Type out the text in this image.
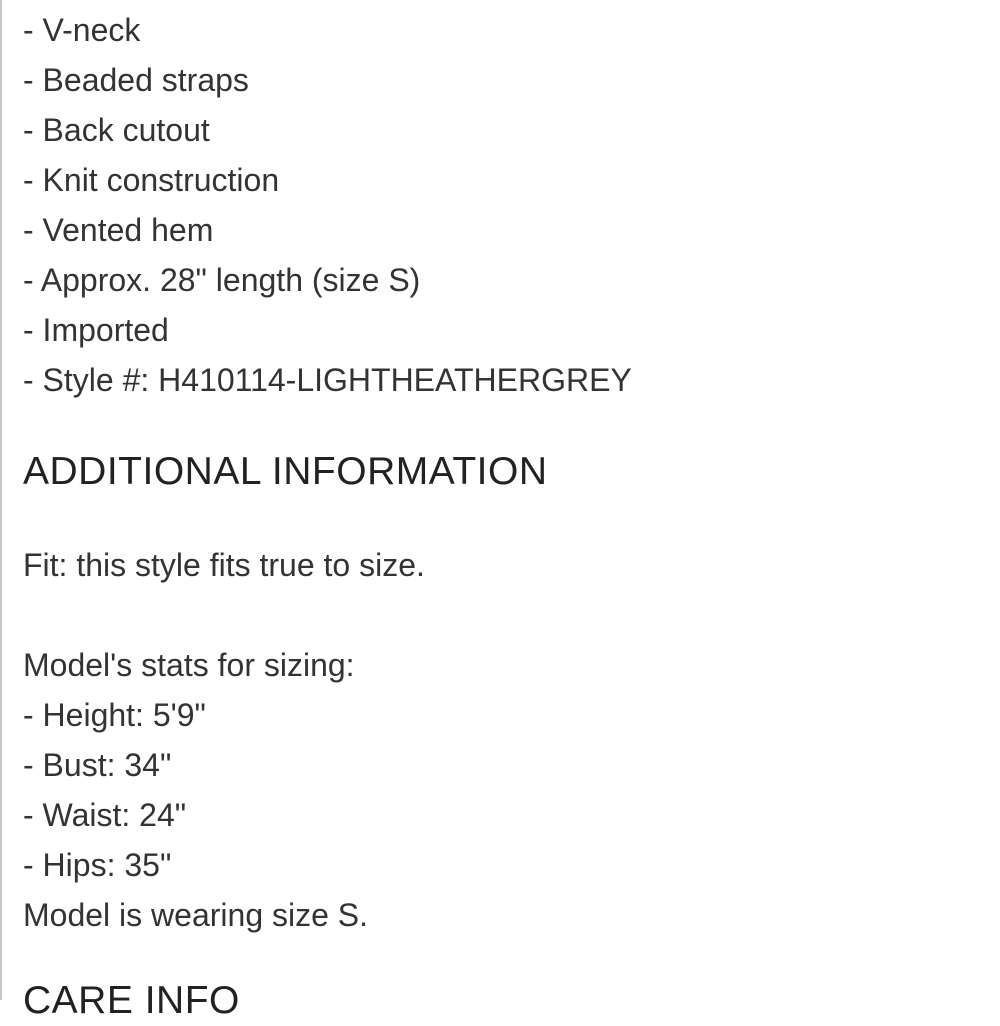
- V-neck
- Beaded straps
- Back cutout
- Knit construction
- Vented hem
- Approx. 28" length (size S)
- Imported
- Style #: H410114-LIGHTHEATHERGREY
ADDITIONAL INFORMATION
Fit: this style fits true to size.
Model's stats for sizing:
- Height: 5'9"
- Bust: 34"
- Waist: 24"
- Hips: 35"
Model is wearing size S.
CARE INFO
